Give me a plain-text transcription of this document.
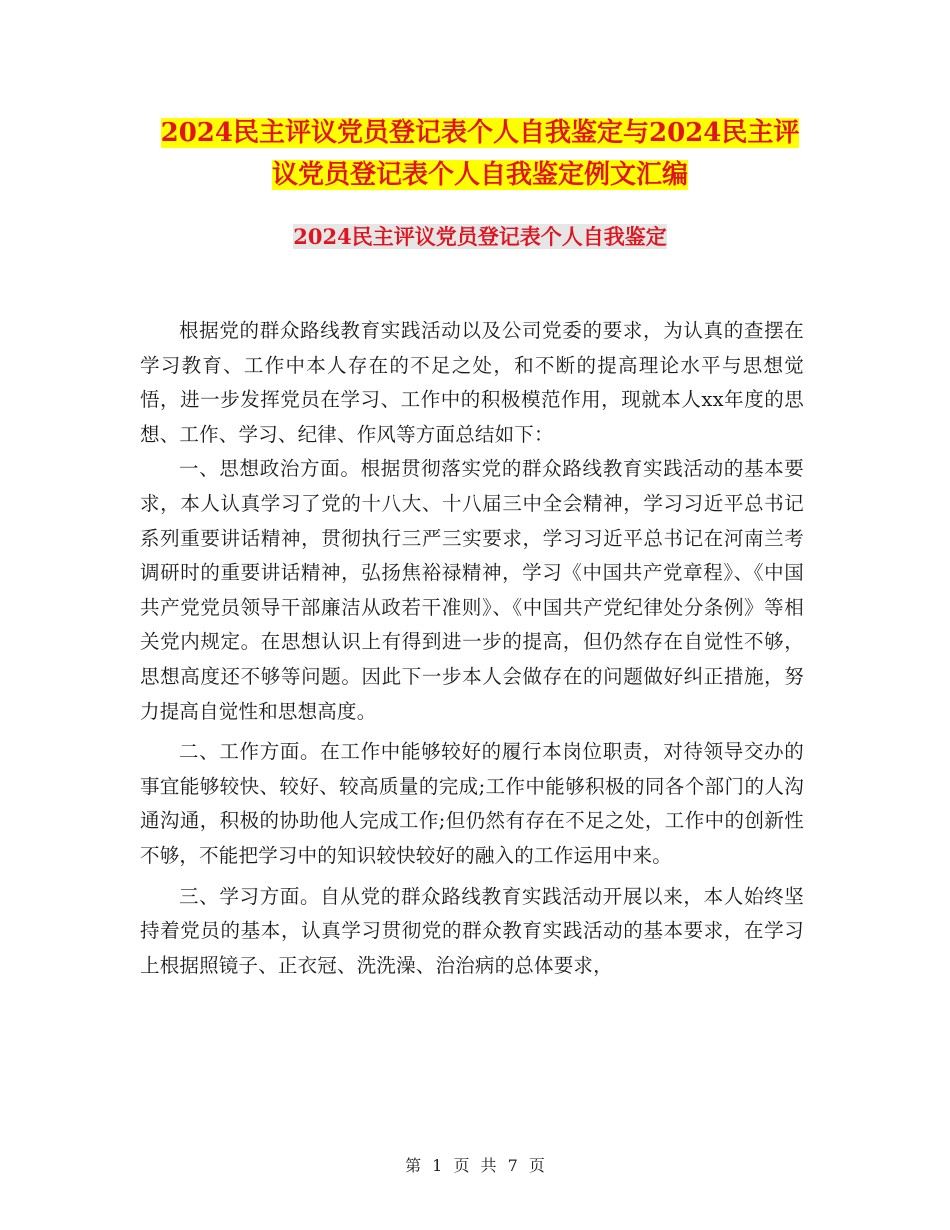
2024民主评议党员登记表个人自我鉴定与2024民主评
议党员登记表个人自我鉴定例文汇编
2024民主评议党员登记表个人自我鉴定

根据党的群众路线教育实践活动以及公司党委的要求，为认真的查摆在学习教育、工作中本人存在的不足之处，和不断的提高理论水平与思想觉悟，进一步发挥党员在学习、工作中的积极模范作用，现就本人xx年度的思想、工作、学习、纪律、作风等方面总结如下：

一、思想政治方面。根据贯彻落实党的群众路线教育实践活动的基本要求，本人认真学习了党的十八大、十八届三中全会精神，学习习近平总书记系列重要讲话精神，贯彻执行三严三实要求，学习习近平总书记在河南兰考调研时的重要讲话精神，弘扬焦裕禄精神，学习《中国共产党章程》、《中国共产党党员领导干部廉洁从政若干准则》、《中国共产党纪律处分条例》等相关党内规定。在思想认识上有得到进一步的提高，但仍然存在自觉性不够，思想高度还不够等问题。因此下一步本人会做存在的问题做好纠正措施，努力提高自觉性和思想高度。

二、工作方面。在工作中能够较好的履行本岗位职责，对待领导交办的事宜能够较快、较好、较高质量的完成;工作中能够积极的同各个部门的人沟通沟通，积极的协助他人完成工作;但仍然有存在不足之处，工作中的创新性不够，不能把学习中的知识较快较好的融入的工作运用中来。

三、学习方面。自从党的群众路线教育实践活动开展以来，本人始终坚持着党员的基本，认真学习贯彻党的群众教育实践活动的基本要求，在学习上根据照镜子、正衣冠、洗洗澡、治治病的总体要求，

第 1 页 共 7 页
